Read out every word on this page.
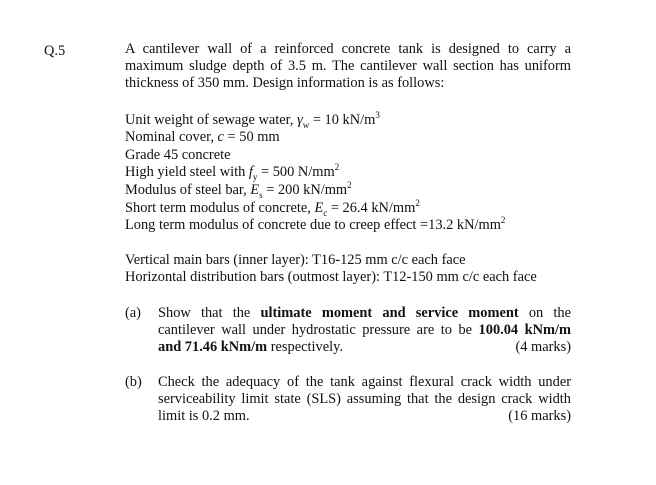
Q.5	A cantilever wall of a reinforced concrete tank is designed to carry a maximum sludge depth of 3.5 m. The cantilever wall section has uniform thickness of 350 mm. Design information is as follows:

Unit weight of sewage water, $\gamma_w = 10$ $kN/m^3$
Nominal cover, c = 50 mm
Grade 45 concrete
High yield steel with $f_y = 500$ $N/mm^2$
Modulus of steel bar, $E_s = 200$ $kN/mm^2$
Short term modulus of concrete, $E_c = 26.4$ $kN/mm^2$
Long term modulus of concrete due to creep effect =13.2 $kN/mm^2$
Vertical main bars (inner layer): T16-125 mm c/c each face
Horizontal distribution bars (outmost layer): T12-150 mm c/c each face
(a) Show that the ultimate moment and service moment on the cantilever wall under hydrostatic pressure are to be 100.04 kNm/m and 71.46 kNm/m respectively.	(4 marks)
(b) Check the adequacy of the tank against flexural crack width under serviceability limit state (SLS) assuming that the design crack width limit is 0.2 mm.	(16 marks)
